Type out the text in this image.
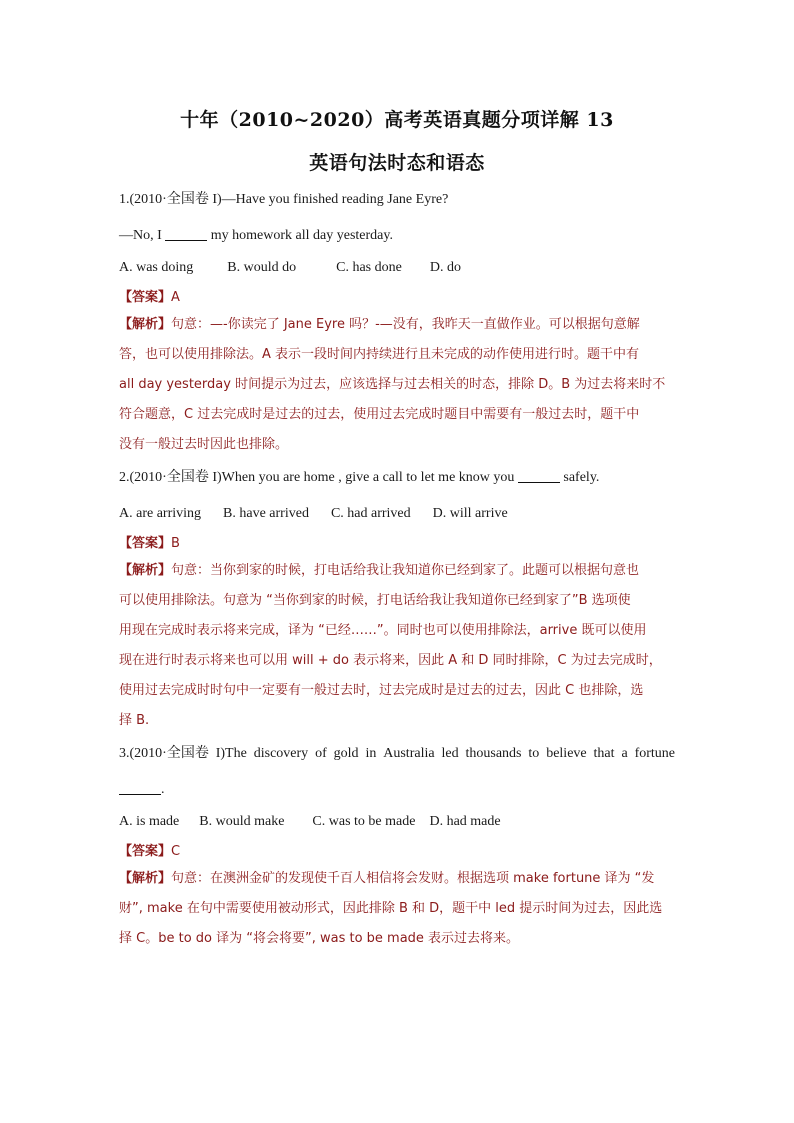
十年（2010~2020）高考英语真题分项详解 13
英语句法时态和语态

1.(2010·全国卷 I)—Have you finished reading Jane Eyre?

—No, I	my homework all day yesterday.

A. was doing B. would do	C. has done D. do
【答案】A
【解析】句意：—-你读完了 Jane Eyre 吗？-—没有，我昨天一直做作业。可以根据句意解
答，也可以使用排除法。A 表示一段时间内持续进行且未完成的动作使用进行时。题干中有
all day yesterday 时间提示为过去，应该选择与过去相关的时态，排除 D。B 为过去将来时不
符合题意，C 过去完成时是过去的过去，使用过去完成时题目中需要有一般过去时，题干中
没有一般过去时因此也排除。

2.(2010·全国卷 I)When you are home , give a call to let me know you	safely.

A. are arriving B. have arrived C. had arrived D. will arrive
【答案】B
【解析】句意：当你到家的时候，打电话给我让我知道你已经到家了。此题可以根据句意也
可以使用排除法。句意为 “当你到家的时候，打电话给我让我知道你已经到家了”B 选项使
用现在完成时表示将来完成，译为 “已经……”。同时也可以使用排除法，arrive 既可以使用
现在进行时表示将来也可以用 will + do 表示将来，因此 A 和 D 同时排除，C 为过去完成时，
使用过去完成时时句中一定要有一般过去时，过去完成时是过去的过去，因此 C 也排除，选
择 B.
3.(2010·全国卷 I)The discovery of gold in Australia led thousands to believe that a fortune

.

A. is made B. would make C. was to be made D. had made
【答案】C
【解析】句意：在澳洲金矿的发现使千百人相信将会发财。根据选项 make fortune 译为 “发
财”, make 在句中需要使用被动形式，因此排除 B 和 D，题干中 led 提示时间为过去，因此选
择 C。be to do 译为 “将会将要”, was to be made 表示过去将来。
